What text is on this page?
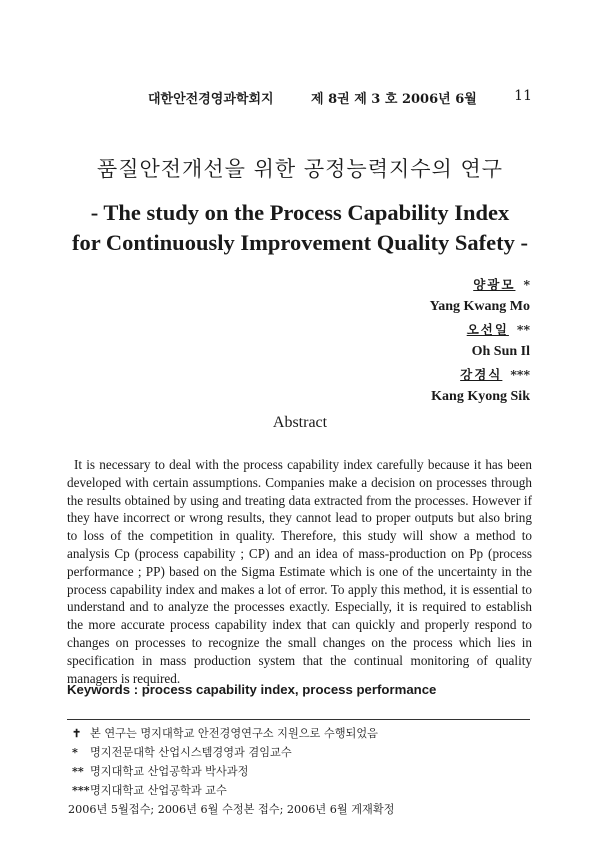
대한안전경영과학회지	제 8권 제 3 호 2006년 6월	11
품질안전개선을 위한 공정능력지수의 연구
- The study on the Process Capability Index
for Continuously Improvement Quality Safety -
양광모 *
Yang Kwang Mo
오선일 **
Oh Sun Il
강경식 ***
Kang Kyong Sik
Abstract
It is necessary to deal with the process capability index carefully because it has been developed with certain assumptions. Companies make a decision on processes through the results obtained by using and treating data extracted from the processes. However if they have incorrect or wrong results, they cannot lead to proper outputs but also bring to loss of the competition in quality. Therefore, this study will show a method to analysis Cp (process capability ; CP) and an idea of mass-production on Pp (process performance ; PP) based on the Sigma Estimate which is one of the uncertainty in the process capability index and makes a lot of error. To apply this method, it is essential to understand and to analyze the processes exactly. Especially, it is required to establish the more accurate process capability index that can quickly and properly respond to changes on processes to recognize the small changes on the process which lies in specification in mass production system that the continual monitoring of quality managers is required.
Keywords : process capability index, process performance
✝ 본 연구는 명지대학교 안전경영연구소 지원으로 수행되었음
* 명지전문대학 산업시스템경영과 겸임교수
** 명지대학교 산업공학과 박사과정
***명지대학교 산업공학과 교수
2006년 5월접수; 2006년 6월 수정본 접수; 2006년 6월 게재확정
